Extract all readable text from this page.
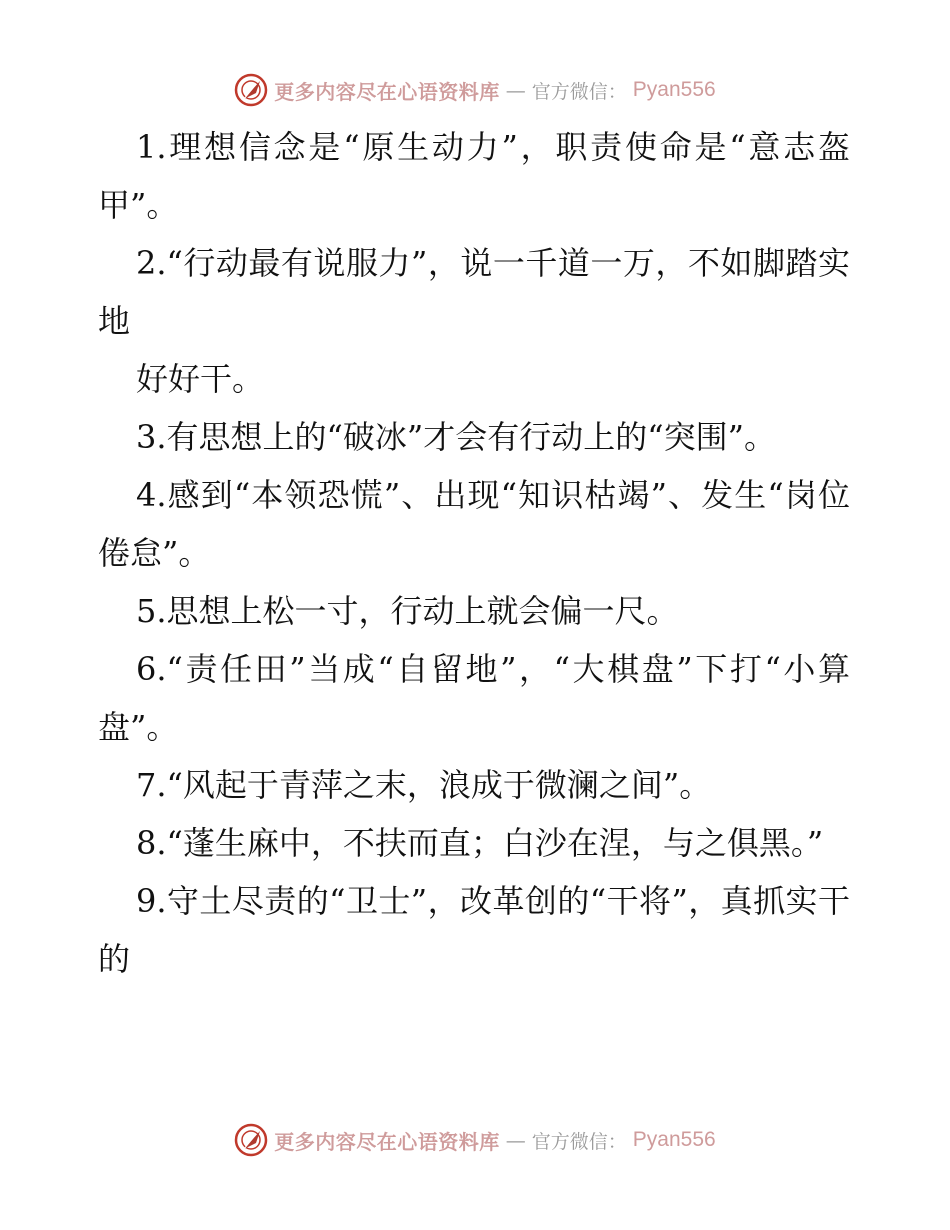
更多内容尽在心语资料库 — 官方微信： Pyan556

1.理想信念是“原生动力”，职责使命是“意志盔甲”。

2.“行动最有说服力”，说一千道一万，不如脚踏实地

好好干。

3.有思想上的“破冰”才会有行动上的“突围”。

4.感到“本领恐慌”、出现“知识枯竭”、发生“岗位倦怠”。

5.思想上松一寸，行动上就会偏一尺。

6.“责任田”当成“自留地”，“大棋盘”下打“小算盘”。

7.“风起于青萍之末，浪成于微澜之间”。

8.“蓬生麻中，不扶而直；白沙在涅，与之俱黑。”

9.守土尽责的“卫士”，改革创的“干将”，真抓实干的

更多内容尽在心语资料库 — 官方微信： Pyan556
